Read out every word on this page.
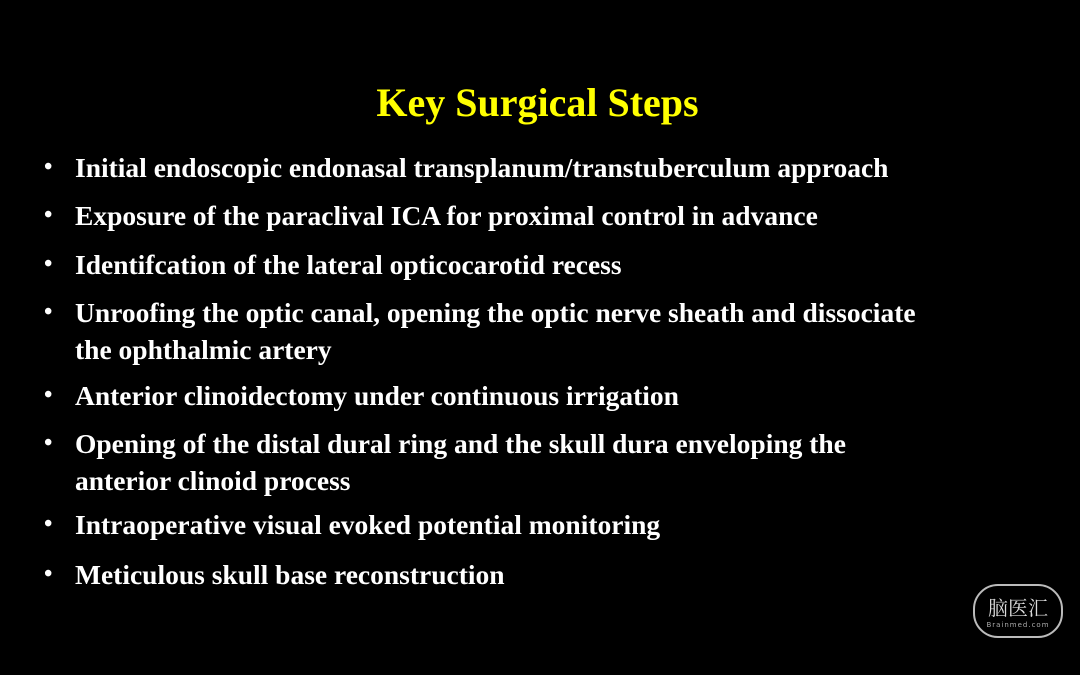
Key Surgical Steps
• Initial endoscopic endonasal transplanum/transtuberculum approach
• Exposure of the paraclival ICA for proximal control in advance
• Identifcation of the lateral opticocarotid recess
• Unroofing the optic canal, opening the optic nerve sheath and dissociate
the ophthalmic artery
• Anterior clinoidectomy under continuous irrigation
• Opening of the distal dural ring and the skull dura enveloping the
anterior clinoid process
• Intraoperative visual evoked potential monitoring
• Meticulous skull base reconstruction
脑医汇
Brainmed.com
